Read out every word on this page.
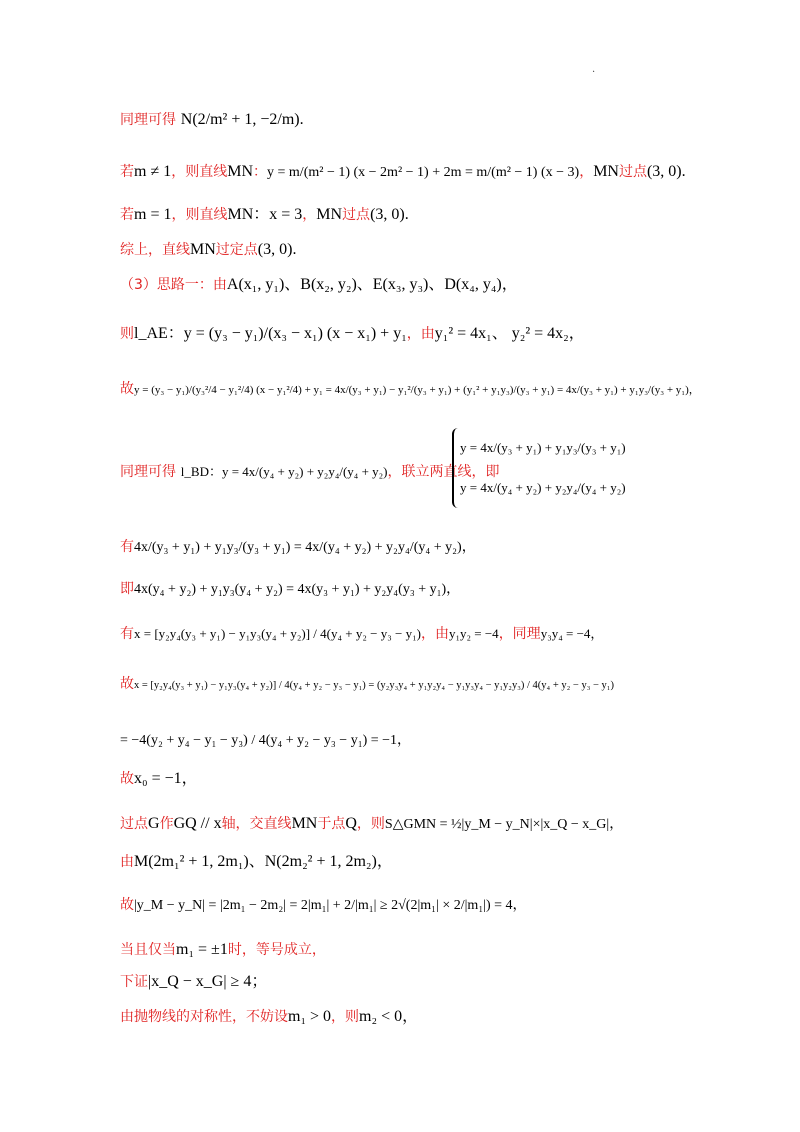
.
同理可得 N(2/m² + 1, −2/m).
若m ≠ 1，则直线MN：y = m/(m² − 1) (x − 2m² − 1) + 2m = m/(m² − 1) (x − 3)，MN过点(3, 0).
若m = 1，则直线MN：x = 3，MN过点(3, 0).
综上，直线MN过定点(3, 0).
（3）思路一：由A(x₁, y₁)、B(x₂, y₂)、E(x₃, y₃)、D(x₄, y₄)，
则l_AE：y = (y₃ − y₁)/(x₃ − x₁) (x − x₁) + y₁，由y₁² = 4x₁、 y₂² = 4x₂，
故y = (y₃ − y₁)/(y₃²/4 − y₁²/4) (x − y₁²/4) + y₁ = 4x/(y₃ + y₁) − y₁²/(y₃ + y₁) + (y₁² + y₁y₃)/(y₃ + y₁) = 4x/(y₃ + y₁) + y₁y₃/(y₃ + y₁)，
同理可得 l_BD：y = 4x/(y₄ + y₂) + y₂y₄/(y₄ + y₂)，联立两直线，即
y = 4x/(y₃ + y₁) + y₁y₃/(y₃ + y₁)
y = 4x/(y₄ + y₂) + y₂y₄/(y₄ + y₂)
有4x/(y₃ + y₁) + y₁y₃/(y₃ + y₁) = 4x/(y₄ + y₂) + y₂y₄/(y₄ + y₂)，
即4x(y₄ + y₂) + y₁y₃(y₄ + y₂) = 4x(y₃ + y₁) + y₂y₄(y₃ + y₁)，
有x = [y₂y₄(y₃ + y₁) − y₁y₃(y₄ + y₂)] / 4(y₄ + y₂ − y₃ − y₁)，由y₁y₂ = −4，同理y₃y₄ = −4，
故x = [y₂y₄(y₃ + y₁) − y₁y₃(y₄ + y₂)] / 4(y₄ + y₂ − y₃ − y₁) = (y₂y₃y₄ + y₁y₂y₄ − y₁y₃y₄ − y₁y₂y₃) / 4(y₄ + y₂ − y₃ − y₁)
= −4(y₂ + y₄ − y₁ − y₃) / 4(y₄ + y₂ − y₃ − y₁) = −1，
故x₀ = −1，
过点G作GQ // x轴，交直线MN于点Q，则S△GMN = ½|y_M − y_N|×|x_Q − x_G|，
由M(2m₁² + 1, 2m₁)、N(2m₂² + 1, 2m₂)，
故|y_M − y_N| = |2m₁ − 2m₂| = 2|m₁| + 2/|m₁| ≥ 2√(2|m₁| × 2/|m₁|) = 4，
当且仅当m₁ = ±1时，等号成立，
下证|x_Q − x_G| ≥ 4；
由抛物线的对称性，不妨设m₁ > 0，则m₂ < 0，
